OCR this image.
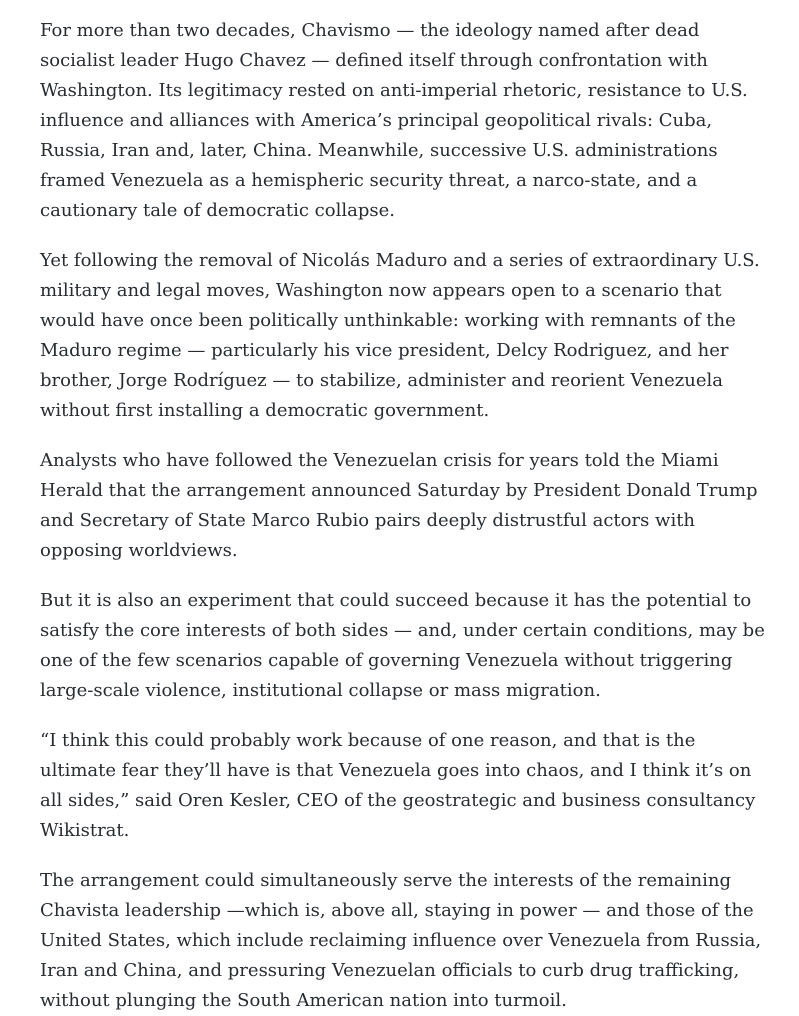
For more than two decades, Chavismo — the ideology named after dead socialist leader Hugo Chavez — defined itself through confrontation with Washington. Its legitimacy rested on anti-imperial rhetoric, resistance to U.S. influence and alliances with America’s principal geopolitical rivals: Cuba, Russia, Iran and, later, China. Meanwhile, successive U.S. administrations framed Venezuela as a hemispheric security threat, a narco-state, and a cautionary tale of democratic collapse.

Yet following the removal of Nicolás Maduro and a series of extraordinary U.S. military and legal moves, Washington now appears open to a scenario that would have once been politically unthinkable: working with remnants of the Maduro regime — particularly his vice president, Delcy Rodriguez, and her brother, Jorge Rodríguez — to stabilize, administer and reorient Venezuela without first installing a democratic government.

Analysts who have followed the Venezuelan crisis for years told the Miami Herald that the arrangement announced Saturday by President Donald Trump and Secretary of State Marco Rubio pairs deeply distrustful actors with opposing worldviews.

But it is also an experiment that could succeed because it has the potential to satisfy the core interests of both sides — and, under certain conditions, may be one of the few scenarios capable of governing Venezuela without triggering large-scale violence, institutional collapse or mass migration.

“I think this could probably work because of one reason, and that is the ultimate fear they’ll have is that Venezuela goes into chaos, and I think it’s on all sides,” said Oren Kesler, CEO of the geostrategic and business consultancy Wikistrat.

The arrangement could simultaneously serve the interests of the remaining Chavista leadership —which is, above all, staying in power — and those of the United States, which include reclaiming influence over Venezuela from Russia, Iran and China, and pressuring Venezuelan officials to curb drug trafficking, without plunging the South American nation into turmoil.
